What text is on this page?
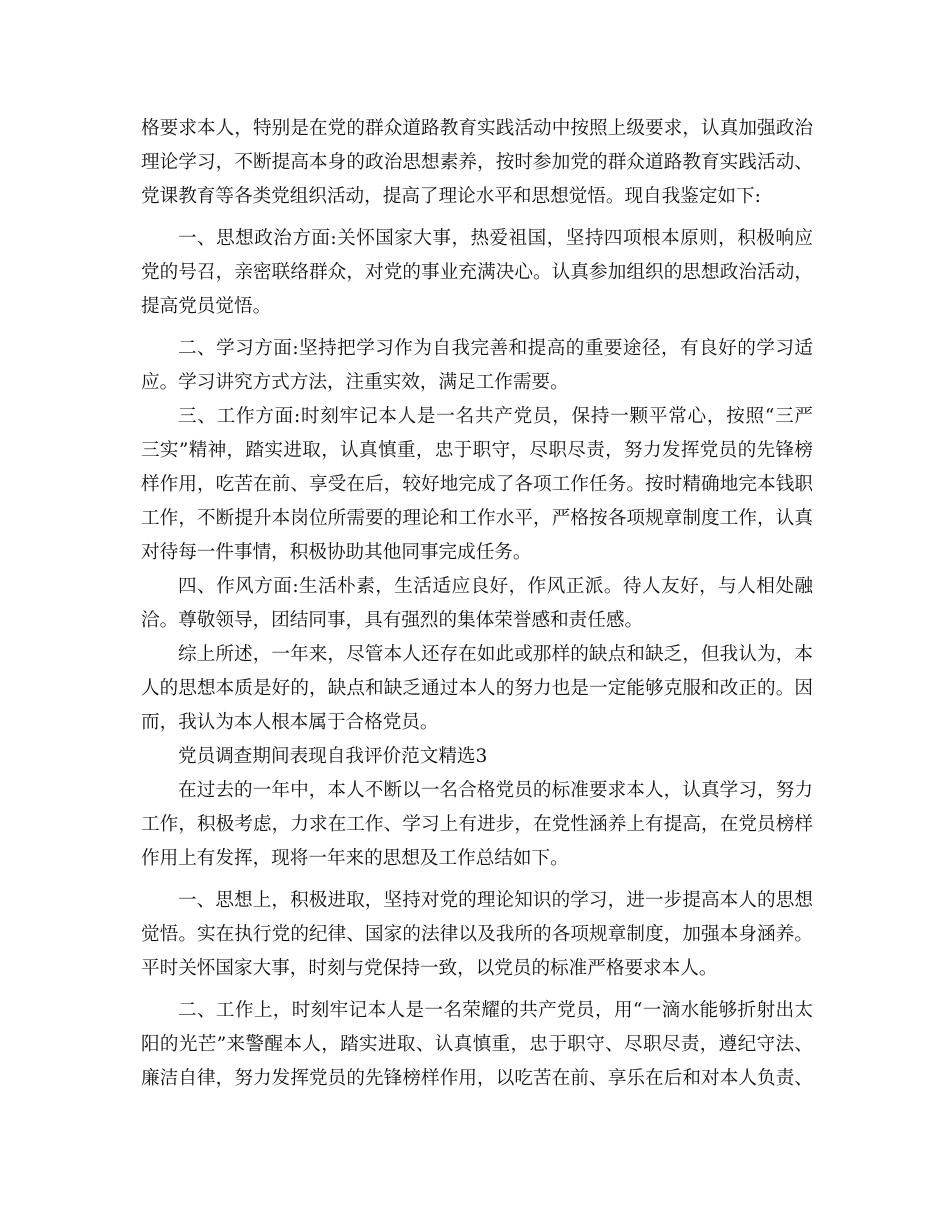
格要求本人，特别是在党的群众道路教育实践活动中按照上级要求，认真加强政治

理论学习，不断提高本身的政治思想素养，按时参加党的群众道路教育实践活动、

党课教育等各类党组织活动，提高了理论水平和思想觉悟。现自我鉴定如下:

一、思想政治方面:关怀国家大事，热爱祖国，坚持四项根本原则，积极响应

党的号召，亲密联络群众，对党的事业充满决心。认真参加组织的思想政治活动，

提高党员觉悟。

二、学习方面:坚持把学习作为自我完善和提高的重要途径，有良好的学习适

应。学习讲究方式方法，注重实效，满足工作需要。

三、工作方面:时刻牢记本人是一名共产党员，保持一颗平常心，按照“三严

三实”精神，踏实进取，认真慎重，忠于职守，尽职尽责，努力发挥党员的先锋榜

样作用，吃苦在前、享受在后，较好地完成了各项工作任务。按时精确地完本钱职

工作，不断提升本岗位所需要的理论和工作水平，严格按各项规章制度工作，认真

对待每一件事情，积极协助其他同事完成任务。

四、作风方面:生活朴素，生活适应良好，作风正派。待人友好，与人相处融

洽。尊敬领导，团结同事，具有强烈的集体荣誉感和责任感。

综上所述，一年来，尽管本人还存在如此或那样的缺点和缺乏，但我认为，本

人的思想本质是好的，缺点和缺乏通过本人的努力也是一定能够克服和改正的。因

而，我认为本人根本属于合格党员。

党员调查期间表现自我评价范文精选3

在过去的一年中，本人不断以一名合格党员的标准要求本人，认真学习，努力

工作，积极考虑，力求在工作、学习上有进步，在党性涵养上有提高，在党员榜样

作用上有发挥，现将一年来的思想及工作总结如下。

一、思想上，积极进取，坚持对党的理论知识的学习，进一步提高本人的思想

觉悟。实在执行党的纪律、国家的法律以及我所的各项规章制度，加强本身涵养。

平时关怀国家大事，时刻与党保持一致，以党员的标准严格要求本人。

二、工作上，时刻牢记本人是一名荣耀的共产党员，用“一滴水能够折射出太

阳的光芒”来警醒本人，踏实进取、认真慎重，忠于职守、尽职尽责，遵纪守法、

廉洁自律，努力发挥党员的先锋榜样作用，以吃苦在前、享乐在后和对本人负责、
